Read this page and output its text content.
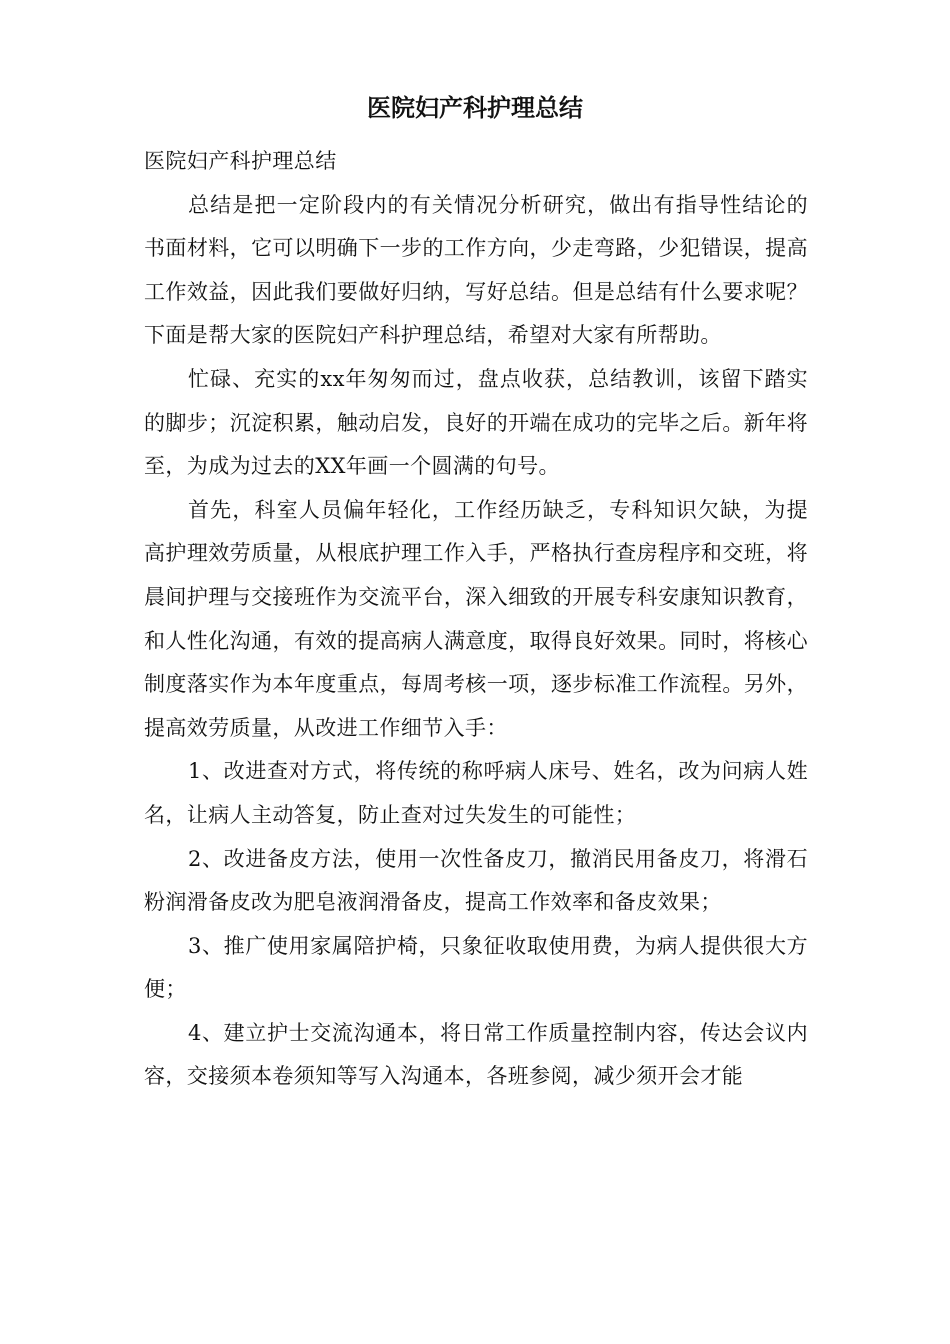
医院妇产科护理总结

医院妇产科护理总结

总结是把一定阶段内的有关情况分析研究，做出有指导性结论的书面材料，它可以明确下一步的工作方向，少走弯路，少犯错误，提高工作效益，因此我们要做好归纳，写好总结。但是总结有什么要求呢？下面是帮大家的医院妇产科护理总结，希望对大家有所帮助。

忙碌、充实的xx年匆匆而过，盘点收获，总结教训，该留下踏实的脚步；沉淀积累，触动启发，良好的开端在成功的完毕之后。新年将至，为成为过去的XX年画一个圆满的句号。

首先，科室人员偏年轻化，工作经历缺乏，专科知识欠缺，为提高护理效劳质量，从根底护理工作入手，严格执行查房程序和交班，将晨间护理与交接班作为交流平台，深入细致的开展专科安康知识教育，和人性化沟通，有效的提高病人满意度，取得良好效果。同时，将核心制度落实作为本年度重点，每周考核一项，逐步标准工作流程。另外，提高效劳质量，从改进工作细节入手：

1、改进查对方式，将传统的称呼病人床号、姓名，改为问病人姓名，让病人主动答复，防止查对过失发生的可能性；

2、改进备皮方法，使用一次性备皮刀，撤消民用备皮刀，将滑石粉润滑备皮改为肥皂液润滑备皮，提高工作效率和备皮效果；

3、推广使用家属陪护椅，只象征收取使用费，为病人提供很大方便；

4、建立护士交流沟通本，将日常工作质量控制内容，传达会议内容，交接须本卷须知等写入沟通本，各班参阅，减少须开会才能
